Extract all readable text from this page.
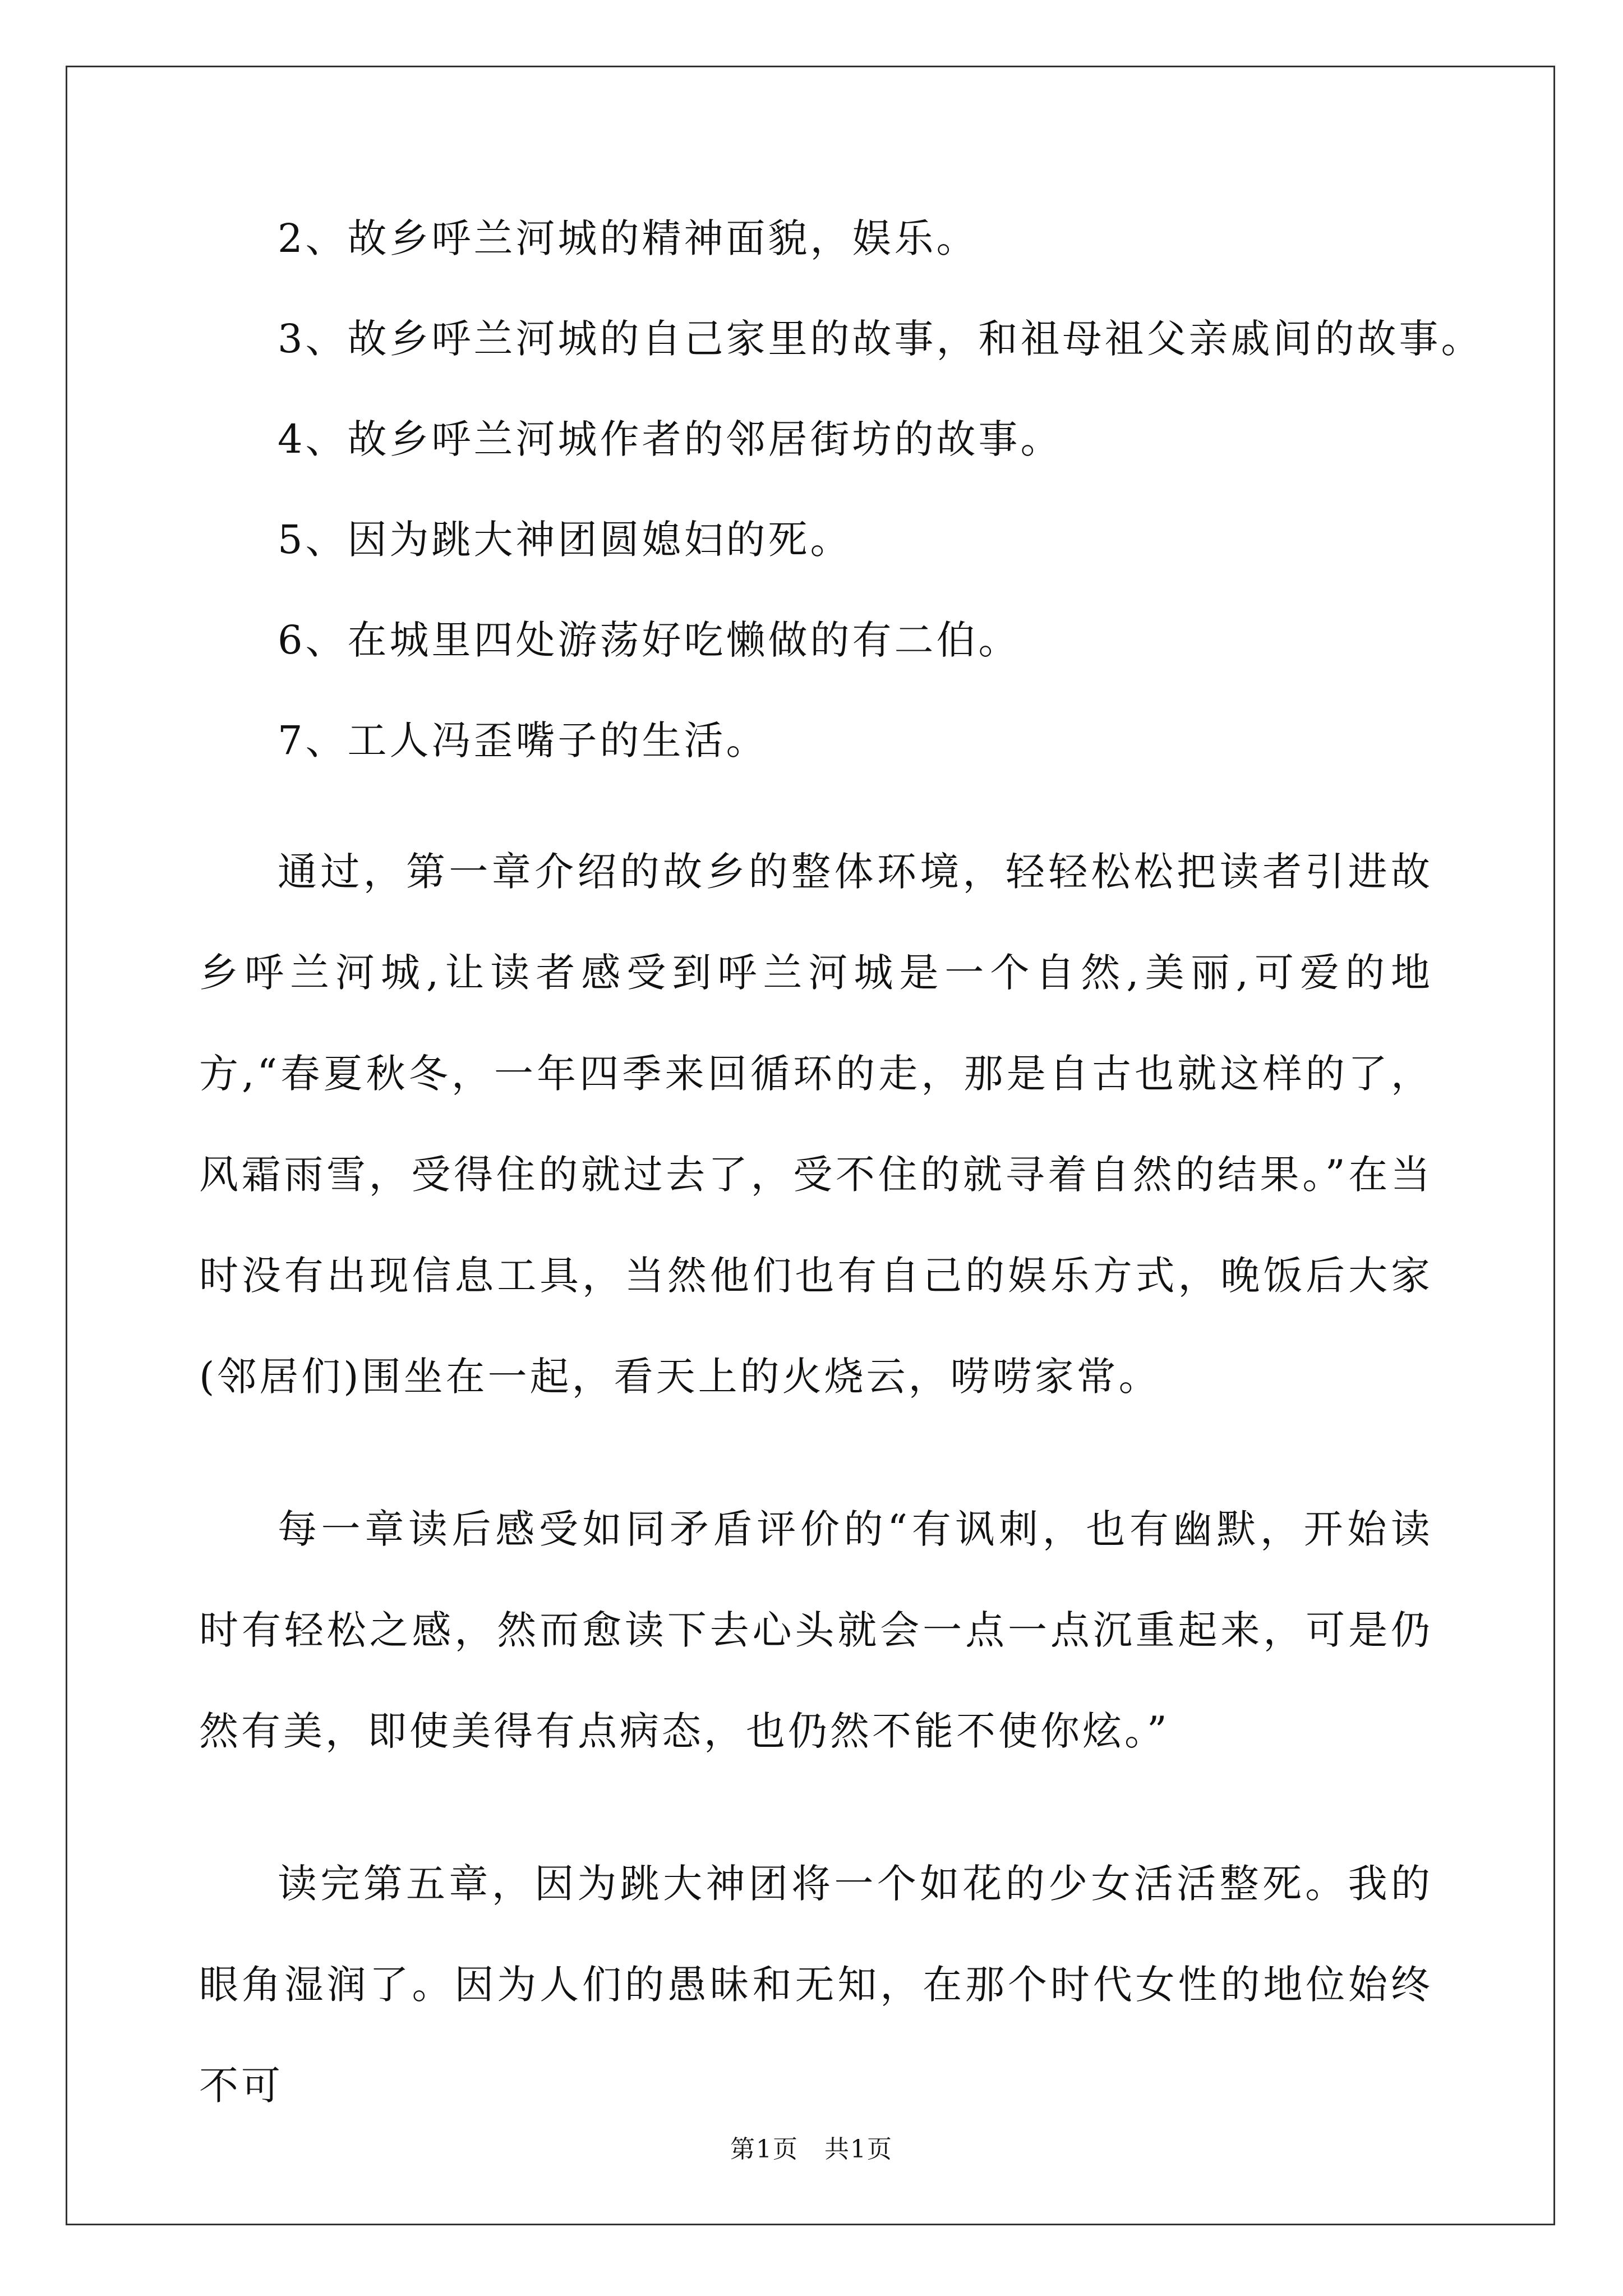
2、故乡呼兰河城的精神面貌，娱乐。
3、故乡呼兰河城的自己家里的故事，和祖母祖父亲戚间的故事。
4、故乡呼兰河城作者的邻居街坊的故事。
5、因为跳大神团圆媳妇的死。
6、在城里四处游荡好吃懒做的有二伯。
7、工人冯歪嘴子的生活。

通过，第一章介绍的故乡的整体环境，轻轻松松把读者引进故乡呼兰河城,让读者感受到呼兰河城是一个自然,美丽,可爱的地方,“春夏秋冬，一年四季来回循环的走，那是自古也就这样的了，风霜雨雪，受得住的就过去了，受不住的就寻着自然的结果。”在当时没有出现信息工具，当然他们也有自己的娱乐方式，晚饭后大家(邻居们)围坐在一起，看天上的火烧云，唠唠家常。

每一章读后感受如同矛盾评价的“有讽刺，也有幽默，开始读时有轻松之感，然而愈读下去心头就会一点一点沉重起来，可是仍然有美，即使美得有点病态，也仍然不能不使你炫。”

读完第五章，因为跳大神团将一个如花的少女活活整死。我的眼角湿润了。因为人们的愚昧和无知，在那个时代女性的地位始终不可

第1页　共1页
